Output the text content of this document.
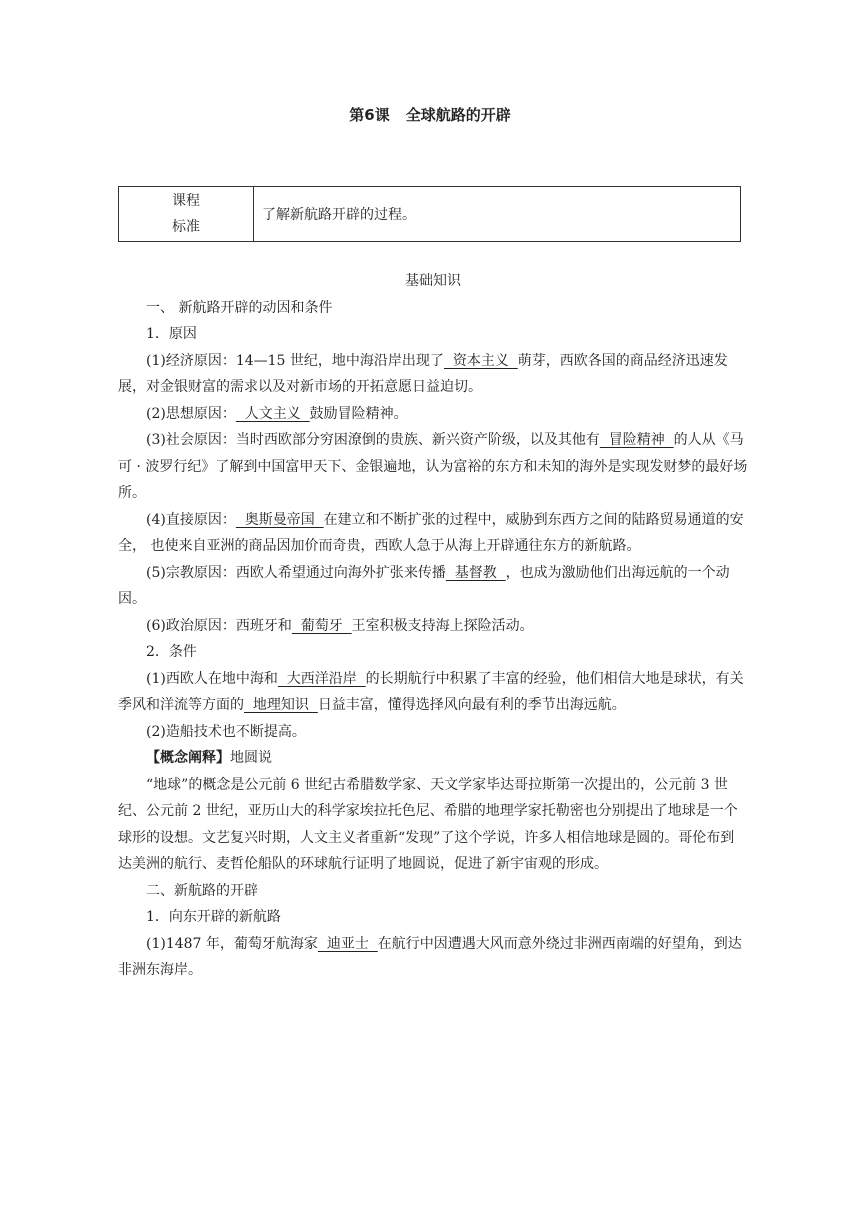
第6课 全球航路的开辟
课程
标准
	了解新航路开辟的过程。

基础知识

一、 新航路开辟的动因和条件

1．原因

(1)经济原因：14—15 世纪，地中海沿岸出现了  资本主义  萌芽，西欧各国的商品经济迅速发展，对金银财富的需求以及对新市场的开拓意愿日益迫切。

(2)思想原因：  人文主义  鼓励冒险精神。

(3)社会原因：当时西欧部分穷困潦倒的贵族、新兴资产阶级，以及其他有  冒险精神  的人从《马可 · 波罗行纪》了解到中国富甲天下、金银遍地，认为富裕的东方和未知的海外是实现发财梦的最好场所。

(4)直接原因：  奥斯曼帝国  在建立和不断扩张的过程中，威胁到东西方之间的陆路贸易通道的安全， 也使来自亚洲的商品因加价而奇贵，西欧人急于从海上开辟通往东方的新航路。

(5)宗教原因：西欧人希望通过向海外扩张来传播  基督教  ，也成为激励他们出海远航的一个动因。

(6)政治原因：西班牙和  葡萄牙  王室积极支持海上探险活动。

2．条件

(1)西欧人在地中海和  大西洋沿岸  的长期航行中积累了丰富的经验，他们相信大地是球状，有关季风和洋流等方面的  地理知识  日益丰富，懂得选择风向最有利的季节出海远航。

(2)造船技术也不断提高。

【概念阐释】地圆说

“地球”的概念是公元前 6 世纪古希腊数学家、天文学家毕达哥拉斯第一次提出的，公元前 3 世纪、公元前 2 世纪，亚历山大的科学家埃拉托色尼、希腊的地理学家托勒密也分别提出了地球是一个球形的设想。文艺复兴时期，人文主义者重新“发现”了这个学说，许多人相信地球是圆的。哥伦布到达美洲的航行、麦哲伦船队的环球航行证明了地圆说，促进了新宇宙观的形成。

二、新航路的开辟

1．向东开辟的新航路

(1)1487 年，葡萄牙航海家  迪亚士  在航行中因遭遇大风而意外绕过非洲西南端的好望角，到达非洲东海岸。
